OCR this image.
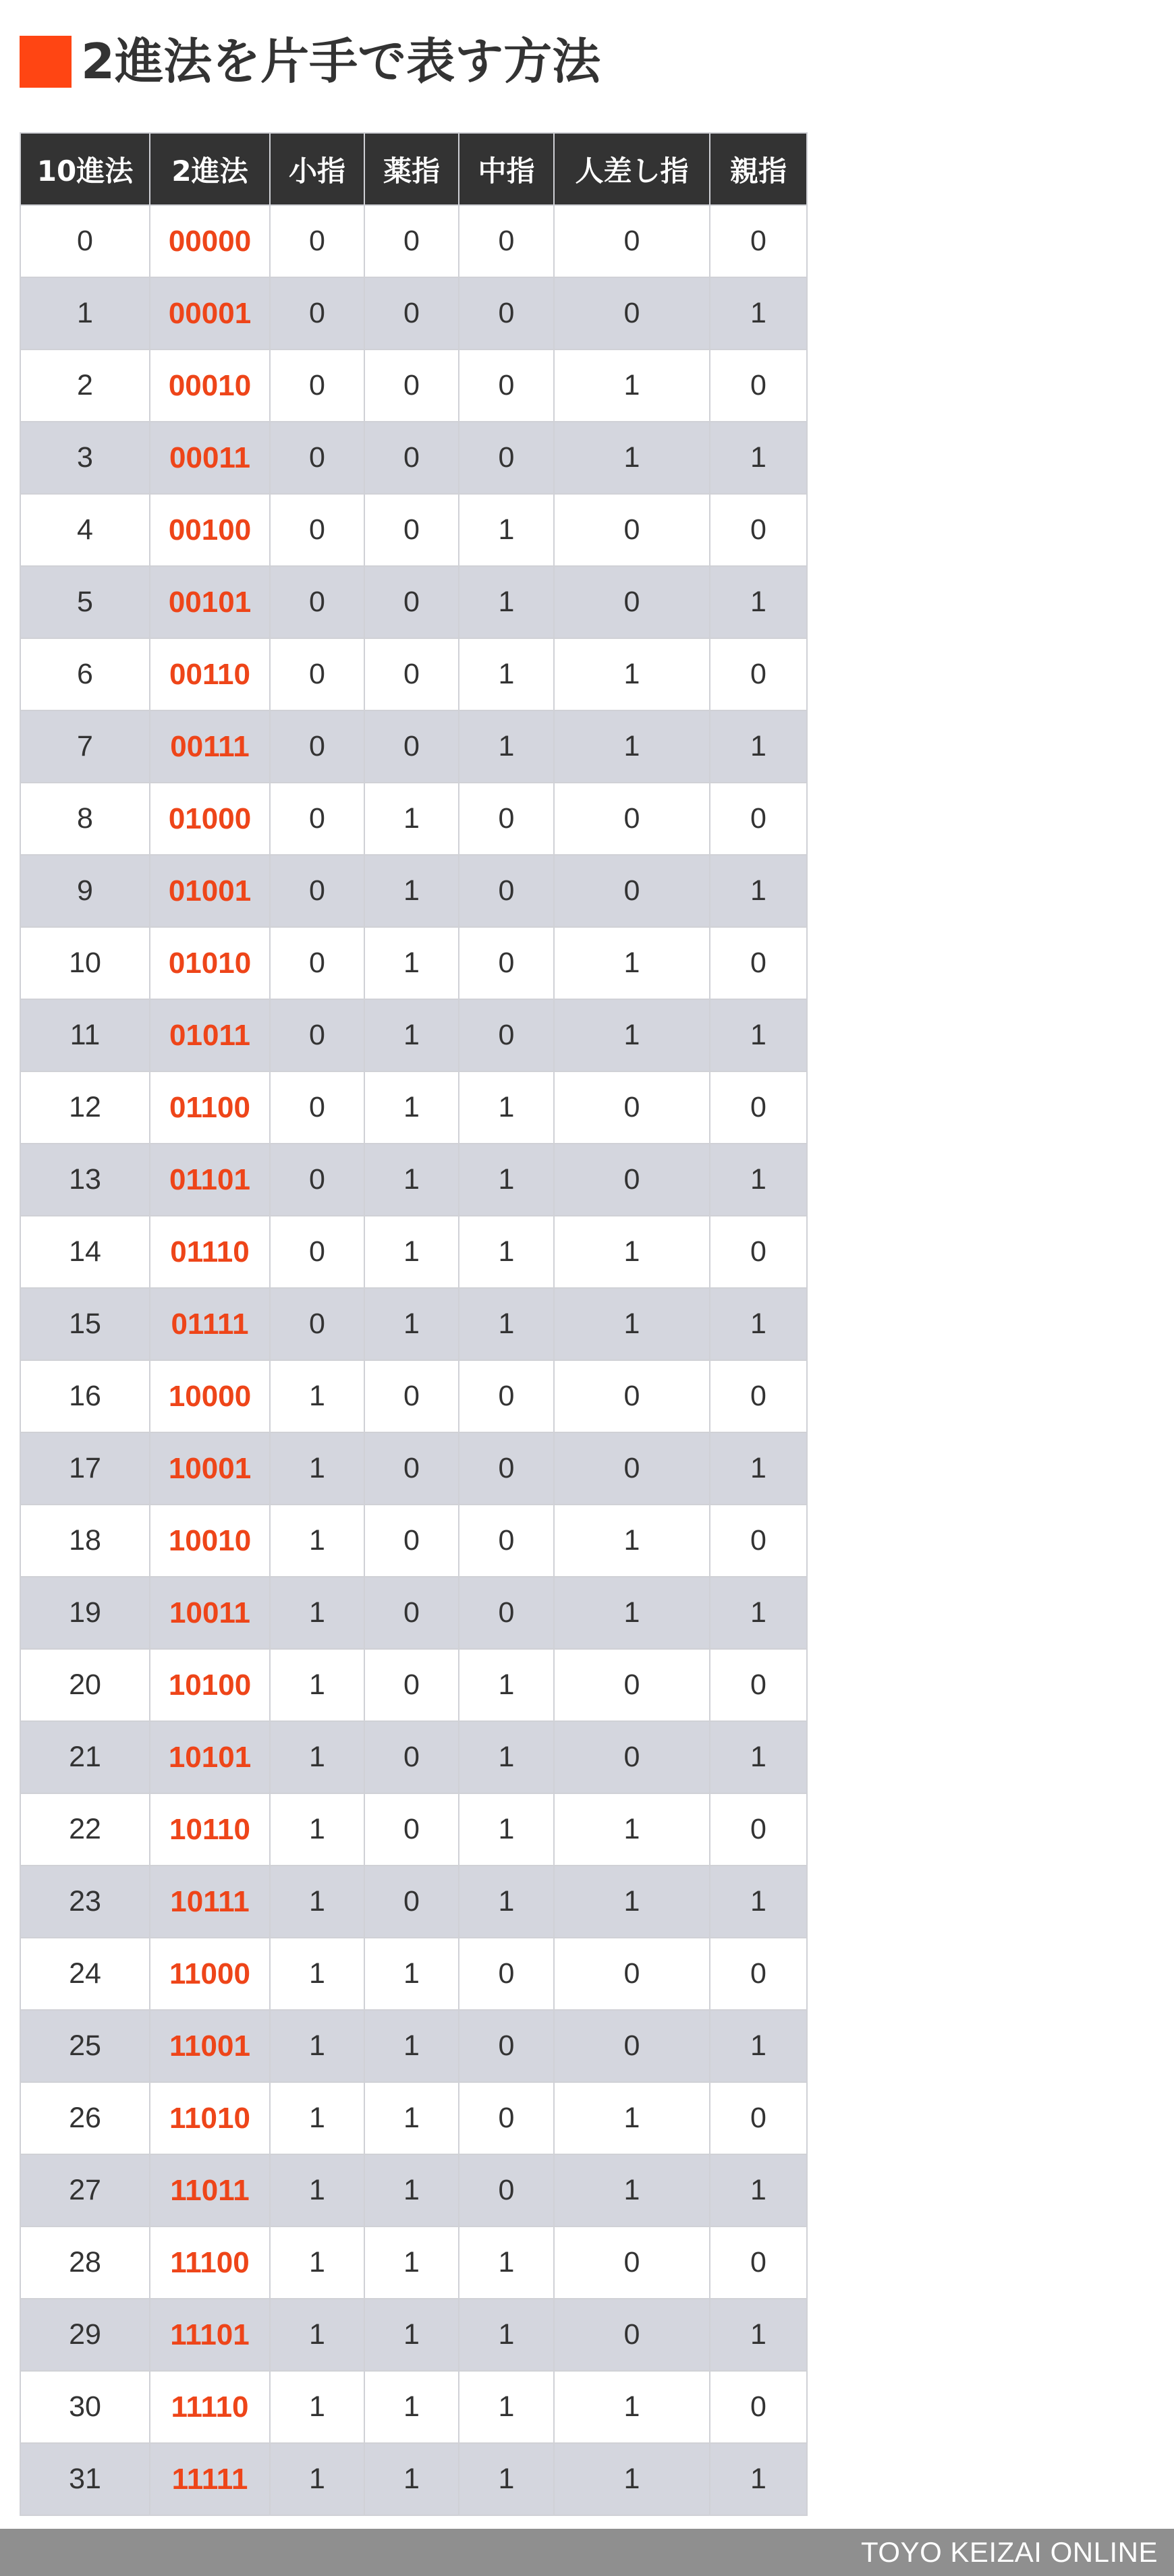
2進法を片手で表す方法
10進法	2進法	小指	薬指	中指	人差し指	親指
0	00000	0	0	0	0	0
1	00001	0	0	0	0	1
2	00010	0	0	0	1	0
3	00011	0	0	0	1	1
4	00100	0	0	1	0	0
5	00101	0	0	1	0	1
6	00110	0	0	1	1	0
7	00111	0	0	1	1	1
8	01000	0	1	0	0	0
9	01001	0	1	0	0	1
10	01010	0	1	0	1	0
11	01011	0	1	0	1	1
12	01100	0	1	1	0	0
13	01101	0	1	1	0	1
14	01110	0	1	1	1	0
15	01111	0	1	1	1	1
16	10000	1	0	0	0	0
17	10001	1	0	0	0	1
18	10010	1	0	0	1	0
19	10011	1	0	0	1	1
20	10100	1	0	1	0	0
21	10101	1	0	1	0	1
22	10110	1	0	1	1	0
23	10111	1	0	1	1	1
24	11000	1	1	0	0	0
25	11001	1	1	0	0	1
26	11010	1	1	0	1	0
27	11011	1	1	0	1	1
28	11100	1	1	1	0	0
29	11101	1	1	1	0	1
30	11110	1	1	1	1	0
31	11111	1	1	1	1	1
TOYO KEIZAI ONLINE
